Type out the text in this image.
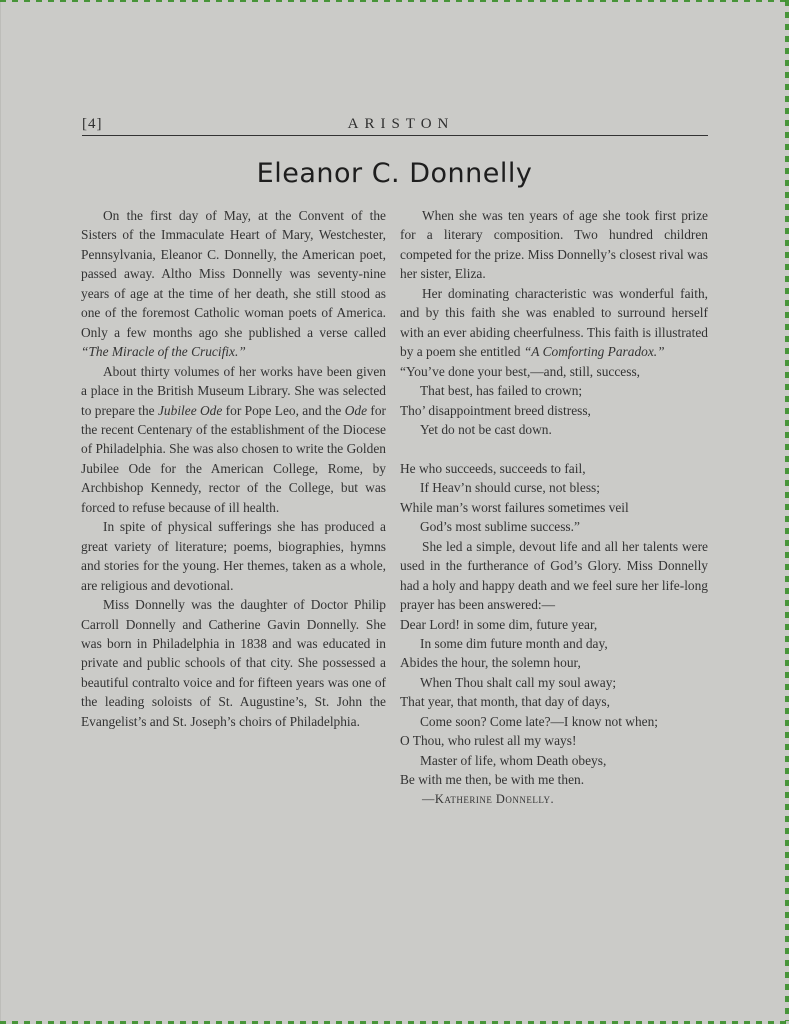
[4]	ARISTON
Eleanor C. Donnelly

On the first day of May, at the Convent of the Sisters of the Immaculate Heart of Mary, Westchester, Pennsylvania, Eleanor C. Donnelly, the American poet, passed away. Altho Miss Donnelly was seventy-nine years of age at the time of her death, she still stood as one of the foremost Catholic woman poets of America. Only a few months ago she published a verse called “The Miracle of the Crucifix.”

About thirty volumes of her works have been given a place in the British Museum Library. She was selected to prepare the Jubilee Ode for Pope Leo, and the Ode for the recent Centenary of the establishment of the Diocese of Philadelphia. She was also chosen to write the Golden Jubilee Ode for the American College, Rome, by Archbishop Kennedy, rector of the College, but was forced to refuse because of ill health.

In spite of physical sufferings she has produced a great variety of literature; poems, biographies, hymns and stories for the young. Her themes, taken as a whole, are religious and devotional.

Miss Donnelly was the daughter of Doctor Philip Carroll Donnelly and Catherine Gavin Donnelly. She was born in Philadelphia in 1838 and was educated in private and public schools of that city. She possessed a beautiful contralto voice and for fifteen years was one of the leading soloists of St. Augustine’s, St. John the Evangelist’s and St. Joseph’s choirs of Philadelphia.

When she was ten years of age she took first prize for a literary composition. Two hundred children competed for the prize. Miss Donnelly’s closest rival was her sister, Eliza.

Her dominating characteristic was wonderful faith, and by this faith she was enabled to surround herself with an ever abiding cheerfulness. This faith is illustrated by a poem she entitled “A Comforting Paradox.”

“You’ve done your best,—and, still, success,
That best, has failed to crown;
Tho’ disappointment breed distress,
Yet do not be cast down.
He who succeeds, succeeds to fail,
If Heav’n should curse, not bless;
While man’s worst failures sometimes veil
God’s most sublime success.”

She led a simple, devout life and all her talents were used in the furtherance of God’s Glory. Miss Donnelly had a holy and happy death and we feel sure her life-long prayer has been answered:—

Dear Lord! in some dim, future year,
In some dim future month and day,
Abides the hour, the solemn hour,
When Thou shalt call my soul away;
That year, that month, that day of days,
Come soon? Come late?—I know not when;
O Thou, who rulest all my ways!
Master of life, whom Death obeys,
Be with me then, be with me then.

—Katherine Donnelly.
